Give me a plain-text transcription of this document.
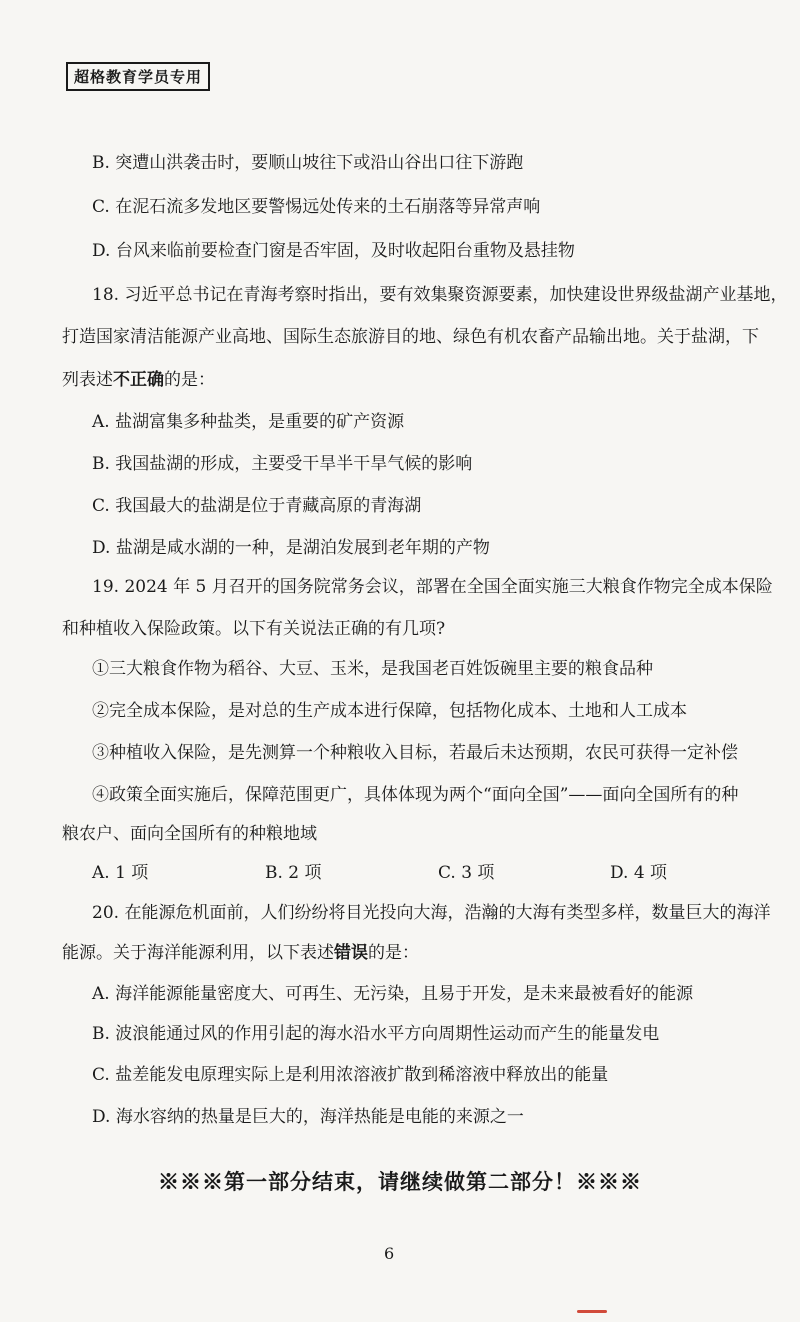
超格教育学员专用
B. 突遭山洪袭击时，要顺山坡往下或沿山谷出口往下游跑
C. 在泥石流多发地区要警惕远处传来的土石崩落等异常声响
D. 台风来临前要检查门窗是否牢固，及时收起阳台重物及悬挂物
18. 习近平总书记在青海考察时指出，要有效集聚资源要素，加快建设世界级盐湖产业基地，
打造国家清洁能源产业高地、国际生态旅游目的地、绿色有机农畜产品输出地。关于盐湖，下
列表述不正确的是：
A. 盐湖富集多种盐类，是重要的矿产资源
B. 我国盐湖的形成，主要受干旱半干旱气候的影响
C. 我国最大的盐湖是位于青藏高原的青海湖
D. 盐湖是咸水湖的一种，是湖泊发展到老年期的产物
19. 2024 年 5 月召开的国务院常务会议，部署在全国全面实施三大粮食作物完全成本保险
和种植收入保险政策。以下有关说法正确的有几项?
①三大粮食作物为稻谷、大豆、玉米，是我国老百姓饭碗里主要的粮食品种
②完全成本保险，是对总的生产成本进行保障，包括物化成本、土地和人工成本
③种植收入保险，是先测算一个种粮收入目标，若最后未达预期，农民可获得一定补偿
④政策全面实施后，保障范围更广，具体体现为两个“面向全国”——面向全国所有的种
粮农户、面向全国所有的种粮地域
A. 1 项	B. 2 项	C. 3 项	D. 4 项
20. 在能源危机面前，人们纷纷将目光投向大海，浩瀚的大海有类型多样，数量巨大的海洋
能源。关于海洋能源利用，以下表述错误的是：
A. 海洋能源能量密度大、可再生、无污染，且易于开发，是未来最被看好的能源
B. 波浪能通过风的作用引起的海水沿水平方向周期性运动而产生的能量发电
C. 盐差能发电原理实际上是利用浓溶液扩散到稀溶液中释放出的能量
D. 海水容纳的热量是巨大的，海洋热能是电能的来源之一
※※※第一部分结束，请继续做第二部分！※※※
6
